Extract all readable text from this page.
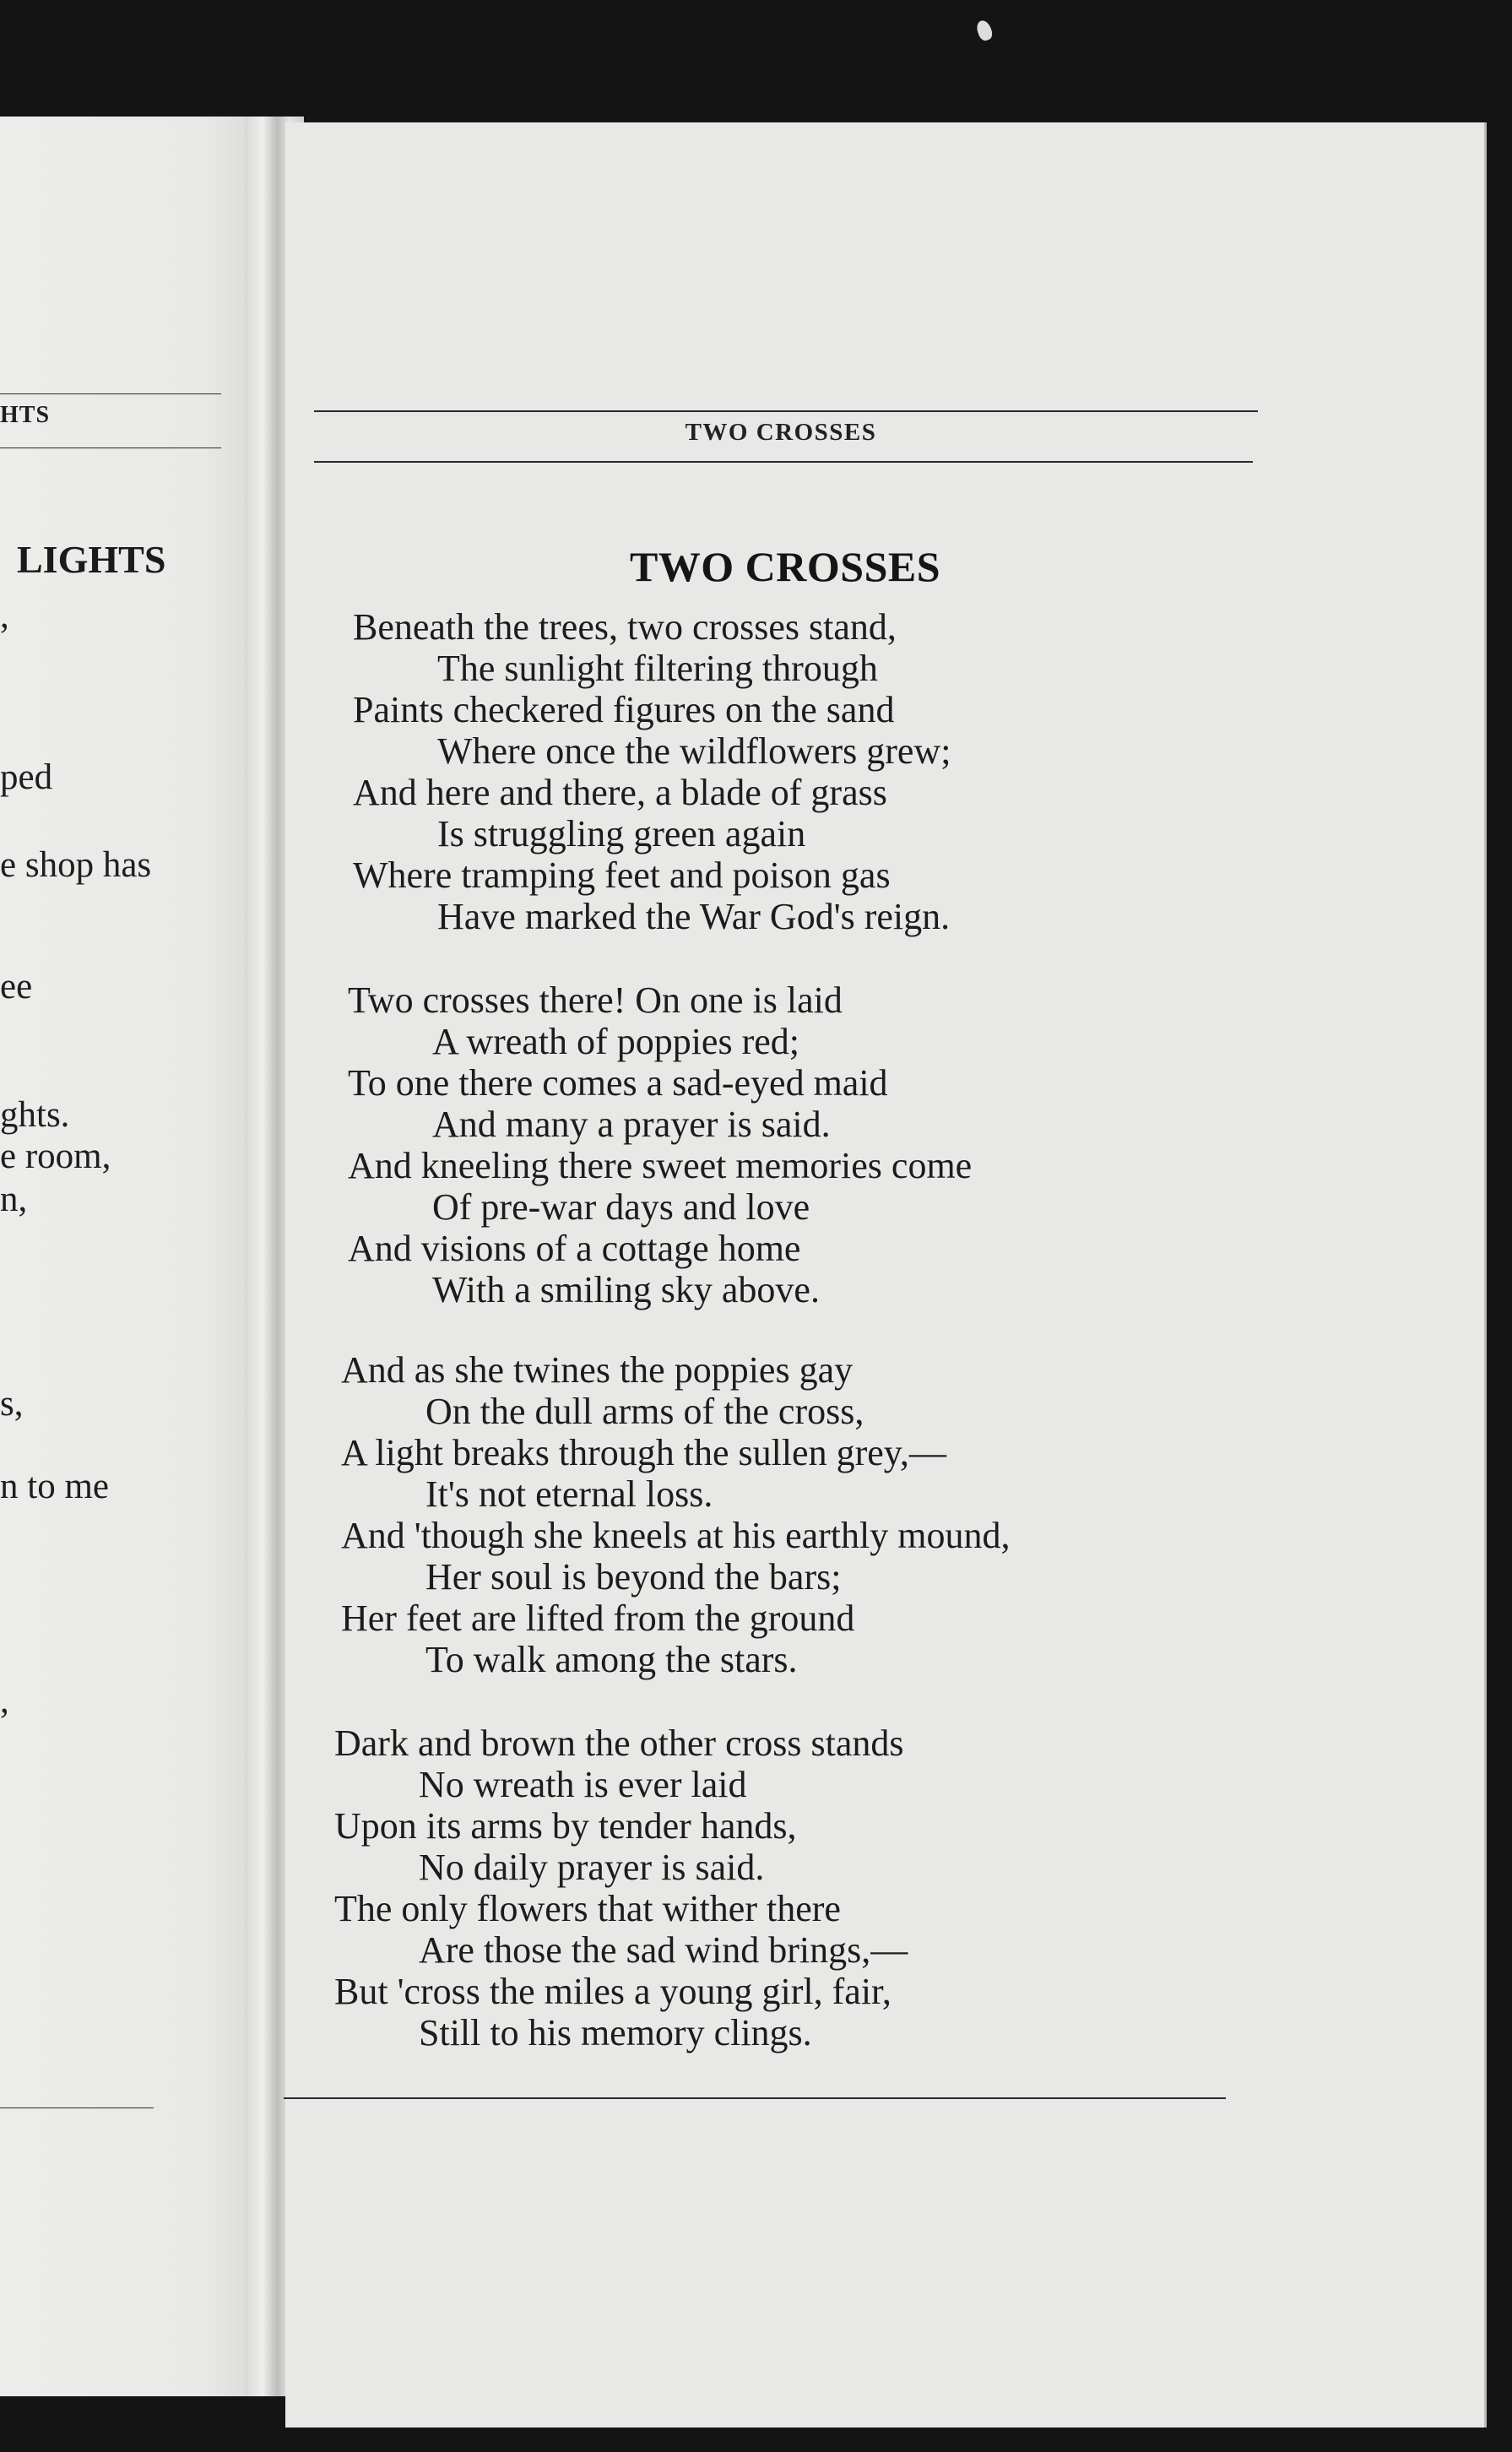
HTS
LIGHTS
,
ped
e shop has
ee
ghts.
e room,
n,
s,
n to me
,
TWO CROSSES
TWO CROSSES
Beneath the trees, two crosses stand,
The sunlight filtering through
Paints checkered figures on the sand
Where once the wildflowers grew;
And here and there, a blade of grass
Is struggling green again
Where tramping feet and poison gas
Have marked the War God's reign.
Two crosses there! On one is laid
A wreath of poppies red;
To one there comes a sad-eyed maid
And many a prayer is said.
And kneeling there sweet memories come
Of pre-war days and love
And visions of a cottage home
With a smiling sky above.
And as she twines the poppies gay
On the dull arms of the cross,
A light breaks through the sullen grey,—
It's not eternal loss.
And 'though she kneels at his earthly mound,
Her soul is beyond the bars;
Her feet are lifted from the ground
To walk among the stars.
Dark and brown the other cross stands
No wreath is ever laid
Upon its arms by tender hands,
No daily prayer is said.
The only flowers that wither there
Are those the sad wind brings,—
But 'cross the miles a young girl, fair,
Still to his memory clings.
